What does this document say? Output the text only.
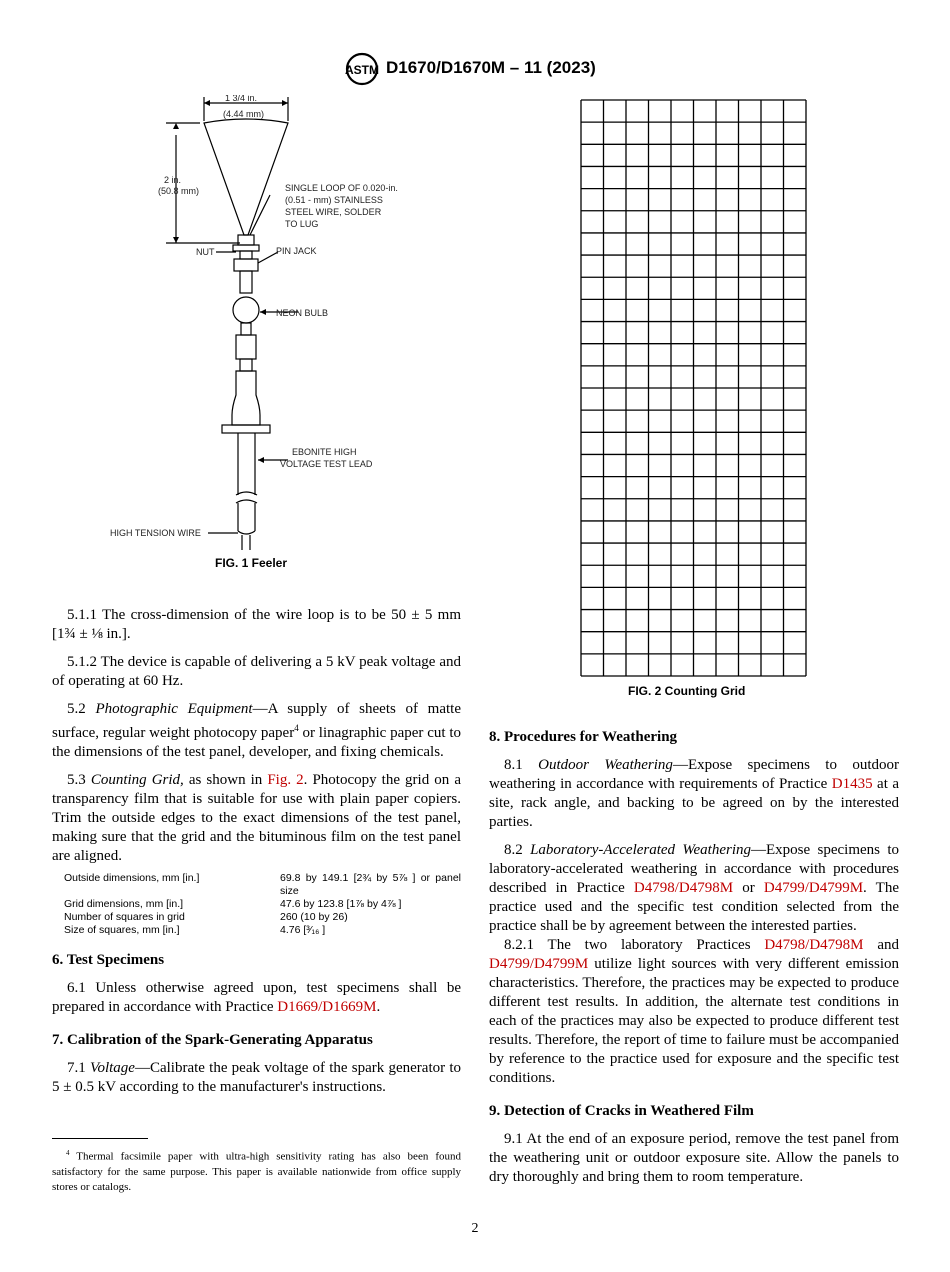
ASTM D1670/D1670M – 11 (2023)
1 3/4 in.
(4.44 mm)
2 in.
(50.8 mm)	SINGLE LOOP OF 0.020-in.
(0.51 - mm) STAINLESS
STEEL WIRE, SOLDER
TO LUG
NUT	PIN JACK
NEON BULB
EBONITE HIGH
VOLTAGE TEST LEAD
HIGH TENSION WIRE
FIG. 1 Feeler
FIG. 2 Counting Grid

5.1.1 The cross-dimension of the wire loop is to be 50 ± 5 mm [1¾ ± ⅛ in.].

5.1.2 The device is capable of delivering a 5 kV peak voltage and of operating at 60 Hz.

5.2 Photographic Equipment—A supply of sheets of matte surface, regular weight photocopy paper$^4$ or linagraphic paper cut to the dimensions of the test panel, developer, and fixing chemicals.

5.3 Counting Grid, as shown in Fig. 2. Photocopy the grid on a transparency film that is suitable for use with plain paper copiers. Trim the outside edges to the exact dimensions of the test panel, making sure that the grid and the bituminous film on the test panel are aligned.

Outside dimensions, mm [in.]	69.8 by 149.1 [2¾ by 5⅞ ] or panel size
Grid dimensions, mm [in.]	47.6 by 123.8 [1⅞ by 4⅞ ]
Number of squares in grid	260 (10 by 26)
Size of squares, mm [in.]	4.76 [³⁄₁₆ ]

6. Test Specimens

6.1 Unless otherwise agreed upon, test specimens shall be prepared in accordance with Practice D1669/D1669M.

7. Calibration of the Spark-Generating Apparatus

7.1 Voltage—Calibrate the peak voltage of the spark generator to 5 ± 0.5 kV according to the manufacturer's instructions.

8. Procedures for Weathering

8.1 Outdoor Weathering—Expose specimens to outdoor weathering in accordance with requirements of Practice D1435 at a site, rack angle, and backing to be agreed on by the interested parties.

8.2 Laboratory-Accelerated Weathering—Expose specimens to laboratory-accelerated weathering in accordance with procedures described in Practice D4798/D4798M or D4799/D4799M. The practice used and the specific test condition selected from the practice shall be by agreement between the interested parties.

8.2.1 The two laboratory Practices D4798/D4798M and D4799/D4799M utilize light sources with very different emission characteristics. Therefore, the practices may be expected to produce different test results. In addition, the alternate test conditions in each of the practices may also be expected to produce different test results. Therefore, the report of time to failure must be accompanied by reference to the practice used for exposure and the specific test conditions.

9. Detection of Cracks in Weathered Film

9.1 At the end of an exposure period, remove the test panel from the weathering unit or outdoor exposure site. Allow the panels to dry thoroughly and bring them to room temperature.

$^4$ Thermal facsimile paper with ultra-high sensitivity rating has also been found satisfactory for the same purpose. This paper is available nationwide from office supply stores or catalogs.
2
